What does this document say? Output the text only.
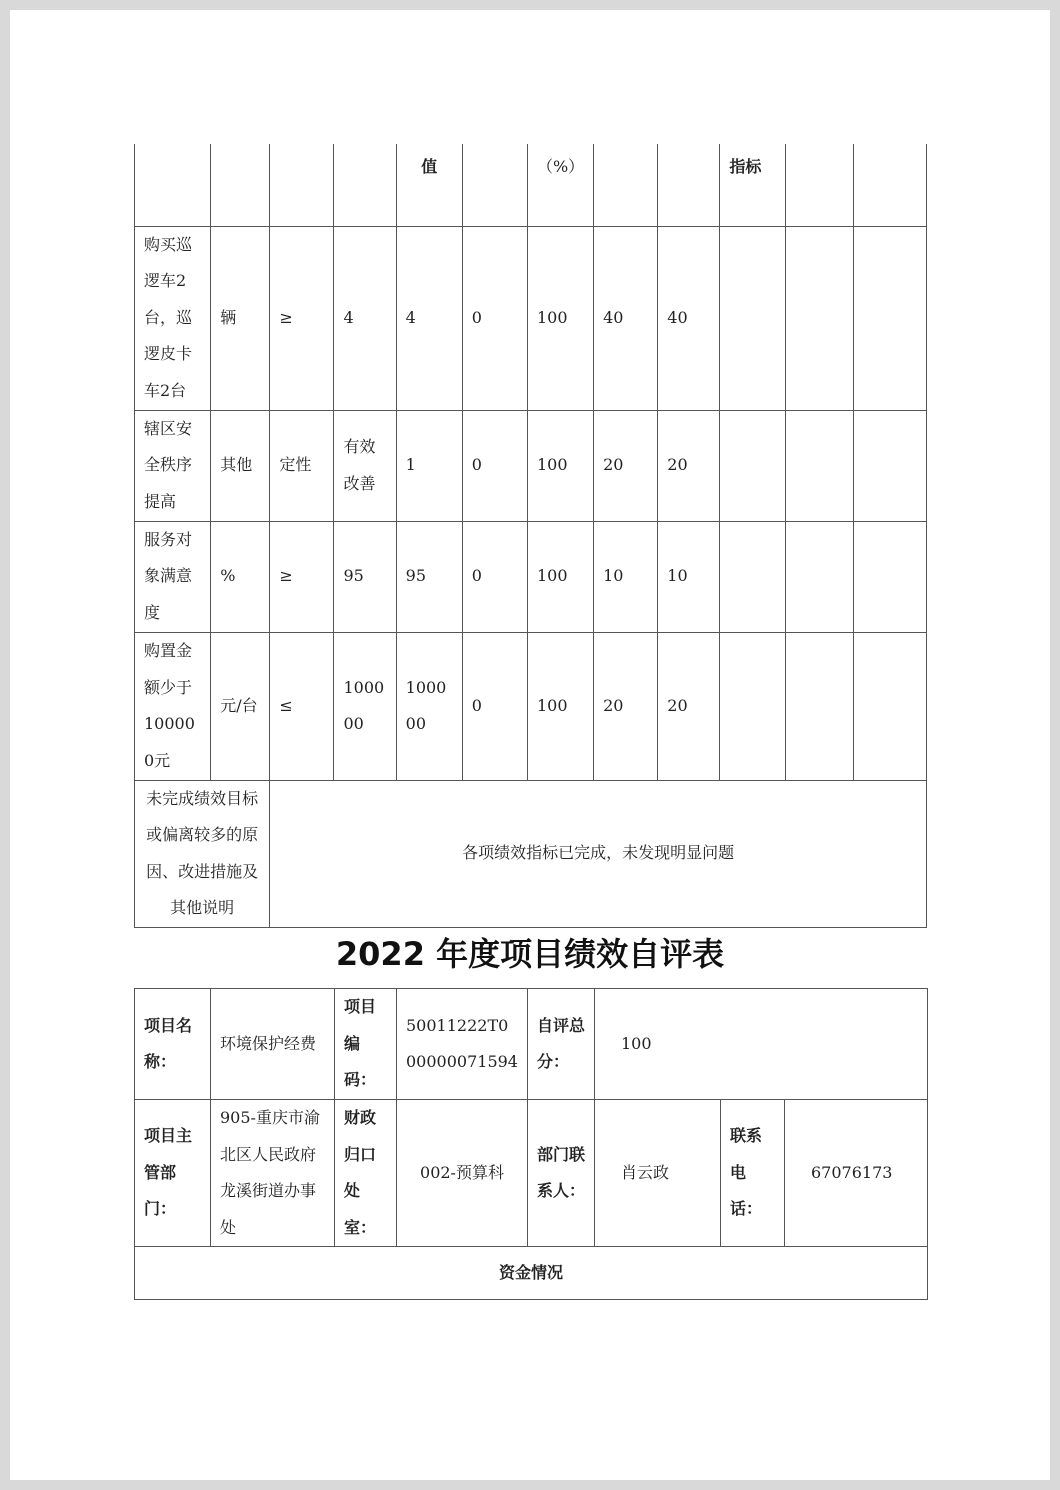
				值		（%）			指标		
购买巡逻车2台，巡逻皮卡车2台	辆	≥	4	4	0	100	40	40			
辖区安全秩序提高	其他	定性	有效改善	1	0	100	20	20			
服务对象满意度	%	≥	95	95	0	100	10	10			
购置金额少于100000元	元/台	≤	100000	100000	0	100	20	20			
未完成绩效目标或偏离较多的原因、改进措施及其他说明		各项绩效指标已完成，未发现明显问题									
2022 年度项目绩效自评表
项目名称：	环境保护经费	项目编码：	50011222T000000071594	自评总分：	100		
项目主管部门：	905-重庆市渝北区人民政府龙溪街道办事处	财政归口处室：	002-预算科	部门联系人：	肖云政	联系电话：	67076173
资金情况							
